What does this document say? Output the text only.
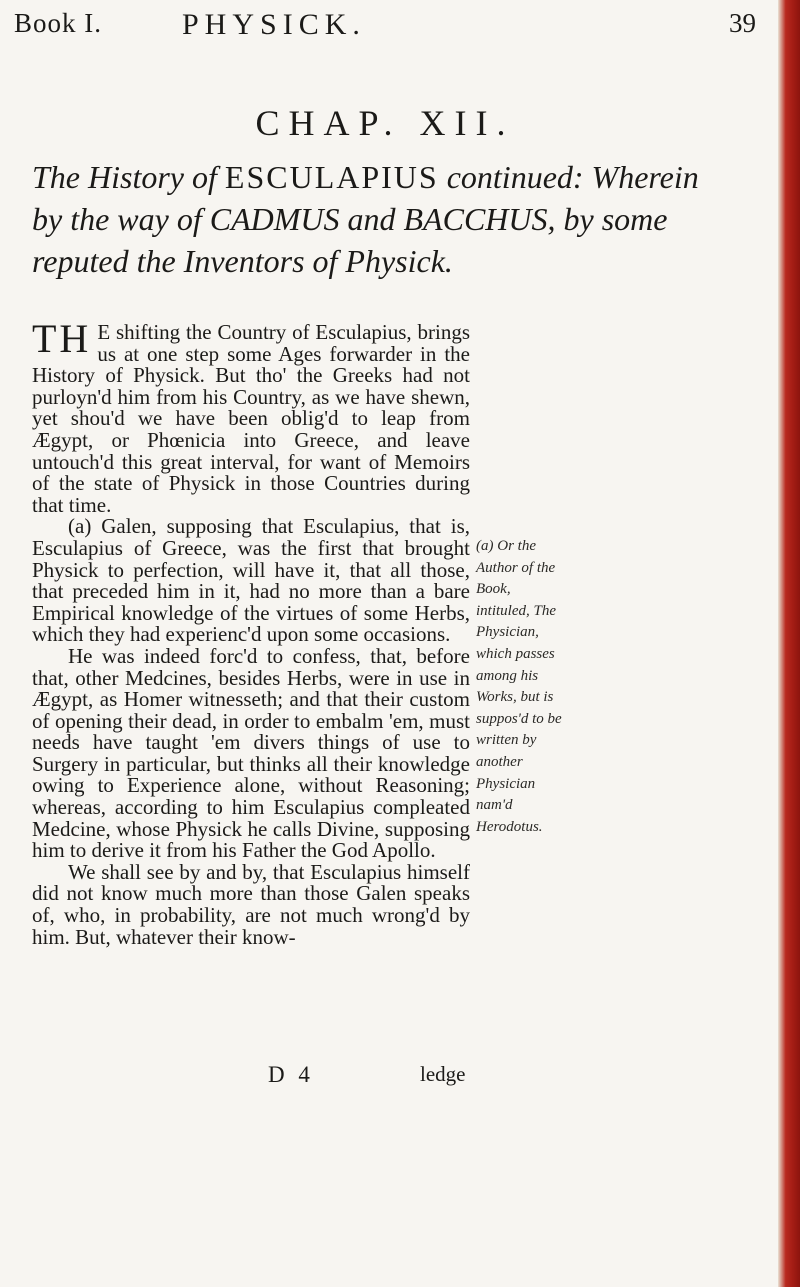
Book I.	PHYSICK.	39
CHAP. XII.
The History of ESCULAPIUS continued: Wherein by the way of CADMUS and BACCHUS, by some reputed the Inventors of Physick.

TH E shifting the Country of Esculapius, brings us at one step some Ages forwarder in the History of Physick. But tho' the Greeks had not purloyn'd him from his Country, as we have shewn, yet shou'd we have been oblig'd to leap from Ægypt, or Phœnicia into Greece, and leave untouch'd this great interval, for want of Memoirs of the state of Physick in those Countries during that time.

(a) Galen, supposing that Esculapius, that is, Esculapius of Greece, was the first that brought Physick to perfection, will have it, that all those, that preceded him in it, had no more than a bare Empirical knowledge of the virtues of some Herbs, which they had experienc'd upon some occasions.

He was indeed forc'd to confess, that, before that, other Medcines, besides Herbs, were in use in Ægypt, as Homer witnesseth; and that their custom of opening their dead, in order to embalm 'em, must needs have taught 'em divers things of use to Surgery in particular, but thinks all their knowledge owing to Experience alone, without Reasoning; whereas, according to him Esculapius compleated Medcine, whose Physick he calls Divine, supposing him to derive it from his Father the God Apollo.

We shall see by and by, that Esculapius himself did not know much more than those Galen speaks of, who, in probability, are not much wrong'd by him. But, whatever their know-

(a) Or the Author of the Book, intituled, The Physician, which passes among his Works, but is suppos'd to be written by another Physician nam'd Herodotus.
D 4	ledge
